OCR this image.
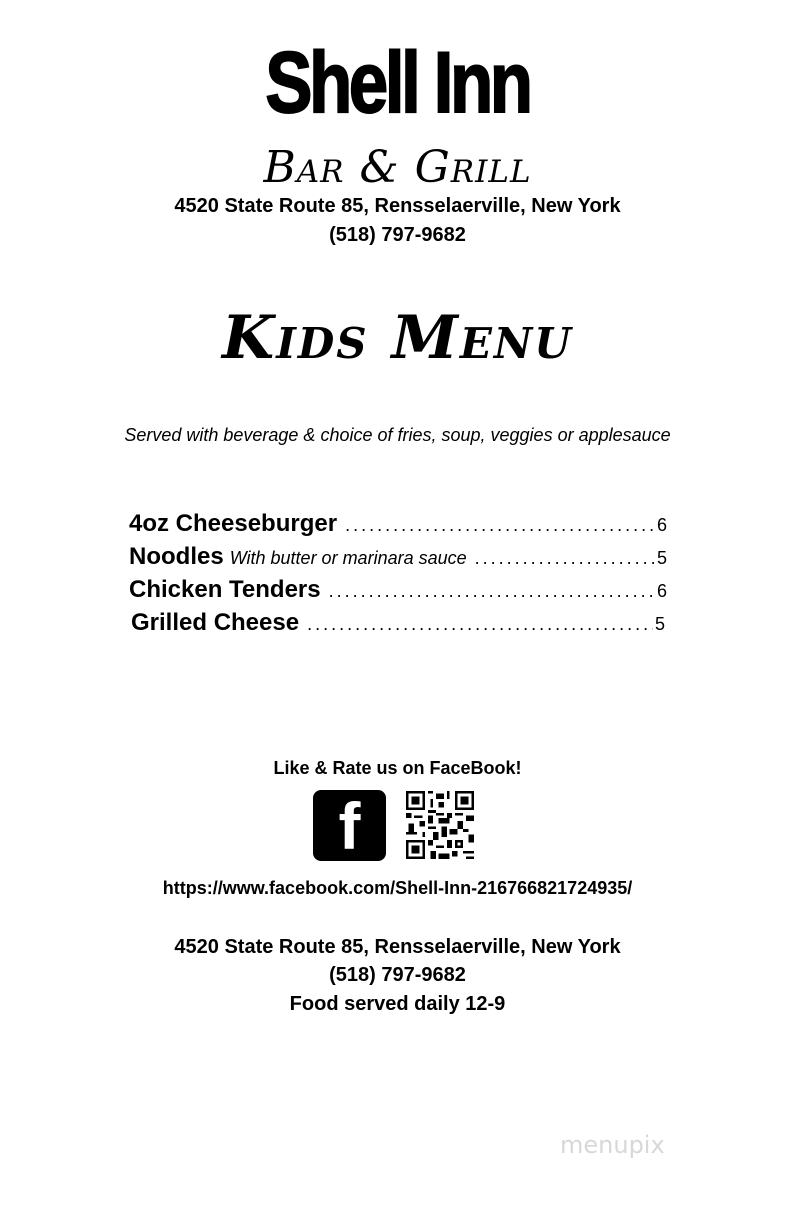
Shell Inn
Bar & Grill
4520 State Route 85, Rensselaerville, New York
(518) 797-9682
Kids Menu
Served with beverage & choice of fries, soup, veggies or applesauce
4oz Cheeseburger .....	6
Noodles With butter or marinara sauce .....	5
Chicken Tenders .....	6
Grilled Cheese .....	5
Like & Rate us on FaceBook!
f
https://www.facebook.com/Shell-Inn-216766821724935/
4520 State Route 85, Rensselaerville, New York
(518) 797-9682
Food served daily 12-9
menupix
